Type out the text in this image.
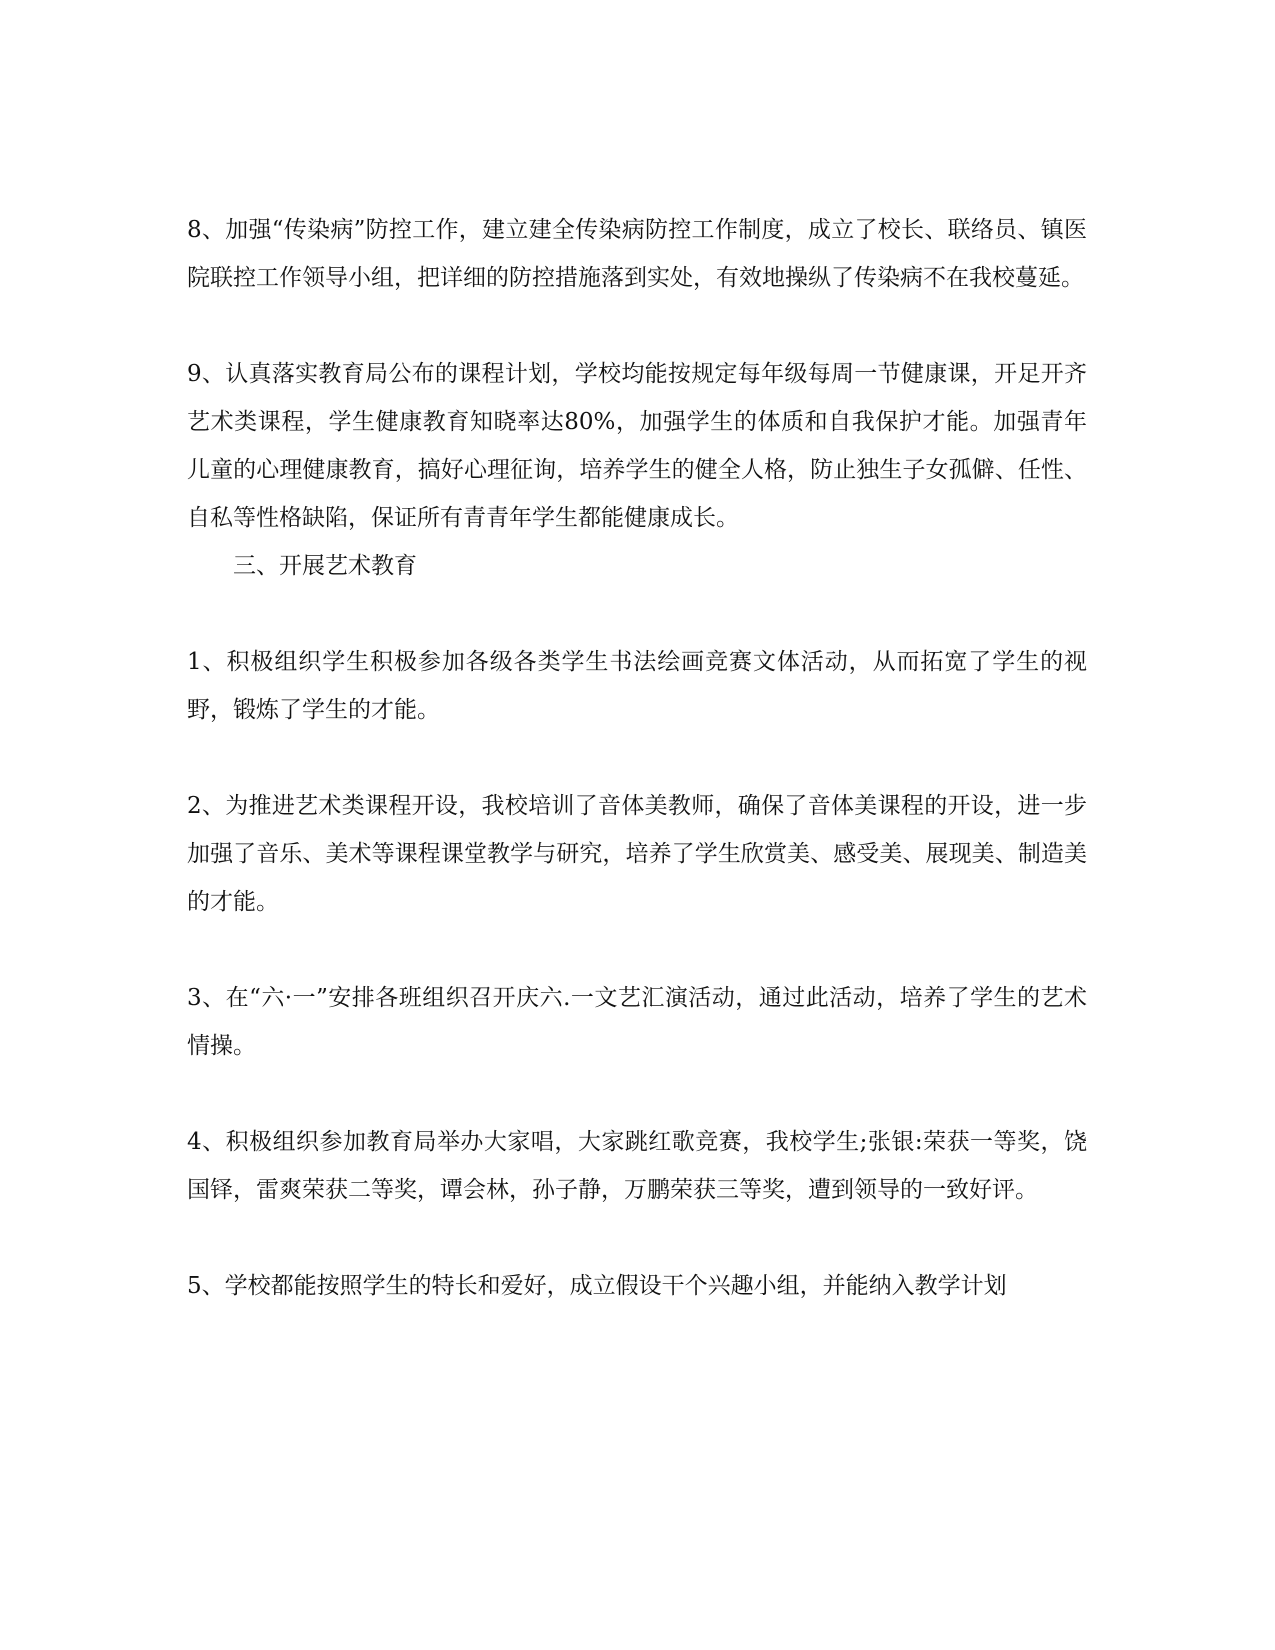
8、加强“传染病”防控工作，建立建全传染病防控工作制度，成立了校长、联络员、镇医院联控工作领导小组，把详细的防控措施落到实处，有效地操纵了传染病不在我校蔓延。

9、认真落实教育局公布的课程计划，学校均能按规定每年级每周一节健康课，开足开齐艺术类课程，学生健康教育知晓率达80%，加强学生的体质和自我保护才能。加强青年儿童的心理健康教育，搞好心理征询，培养学生的健全人格，防止独生子女孤僻、任性、自私等性格缺陷，保证所有青青年学生都能健康成长。

三、开展艺术教育

1、积极组织学生积极参加各级各类学生书法绘画竞赛文体活动，从而拓宽了学生的视野，锻炼了学生的才能。

2、为推进艺术类课程开设，我校培训了音体美教师，确保了音体美课程的开设，进一步加强了音乐、美术等课程课堂教学与研究，培养了学生欣赏美、感受美、展现美、制造美的才能。

3、在“六·一”安排各班组织召开庆六.一文艺汇演活动，通过此活动，培养了学生的艺术情操。

4、积极组织参加教育局举办大家唱，大家跳红歌竞赛，我校学生;张银:荣获一等奖，饶国铎，雷爽荣获二等奖，谭会林，孙子静，万鹏荣获三等奖，遭到领导的一致好评。

5、学校都能按照学生的特长和爱好，成立假设干个兴趣小组，并能纳入教学计划
